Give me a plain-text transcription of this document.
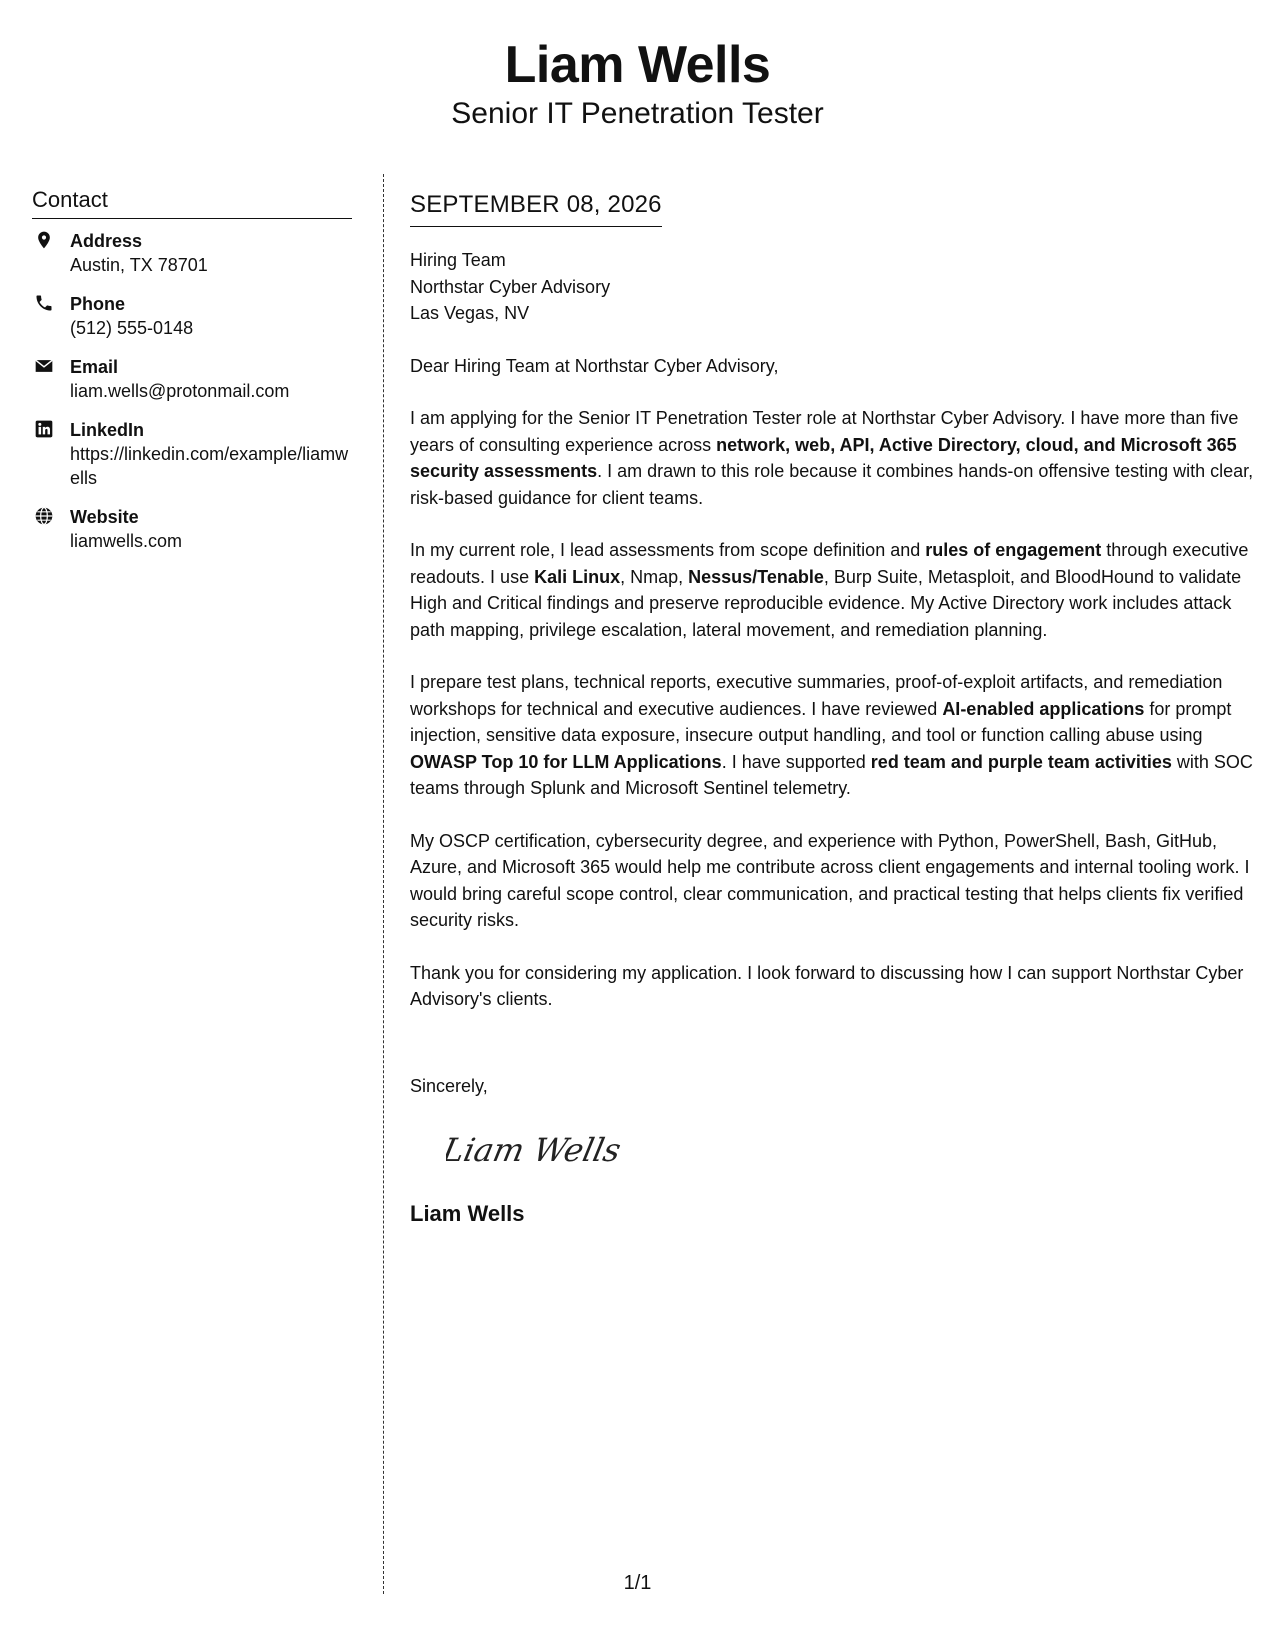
Liam Wells
Senior IT Penetration Tester
Contact
Address
Austin, TX 78701
Phone
(512) 555-0148
Email
liam.wells@protonmail.com
LinkedIn
https://linkedin.com/example/liamwells
Website
liamwells.com
SEPTEMBER 08, 2026
Hiring Team
Northstar Cyber Advisory
Las Vegas, NV
Dear Hiring Team at Northstar Cyber Advisory,
I am applying for the Senior IT Penetration Tester role at Northstar Cyber Advisory. I have more than five years of consulting experience across network, web, API, Active Directory, cloud, and Microsoft 365 security assessments. I am drawn to this role because it combines hands-on offensive testing with clear, risk-based guidance for client teams.
In my current role, I lead assessments from scope definition and rules of engagement through executive readouts. I use Kali Linux, Nmap, Nessus/Tenable, Burp Suite, Metasploit, and BloodHound to validate High and Critical findings and preserve reproducible evidence. My Active Directory work includes attack path mapping, privilege escalation, lateral movement, and remediation planning.
I prepare test plans, technical reports, executive summaries, proof-of-exploit artifacts, and remediation workshops for technical and executive audiences. I have reviewed AI-enabled applications for prompt injection, sensitive data exposure, insecure output handling, and tool or function calling abuse using OWASP Top 10 for LLM Applications. I have supported red team and purple team activities with SOC teams through Splunk and Microsoft Sentinel telemetry.
My OSCP certification, cybersecurity degree, and experience with Python, PowerShell, Bash, GitHub, Azure, and Microsoft 365 would help me contribute across client engagements and internal tooling work. I would bring careful scope control, clear communication, and practical testing that helps clients fix verified security risks.
Thank you for considering my application. I look forward to discussing how I can support Northstar Cyber Advisory's clients.
Sincerely,
Liam Wells
Liam Wells
1/1
